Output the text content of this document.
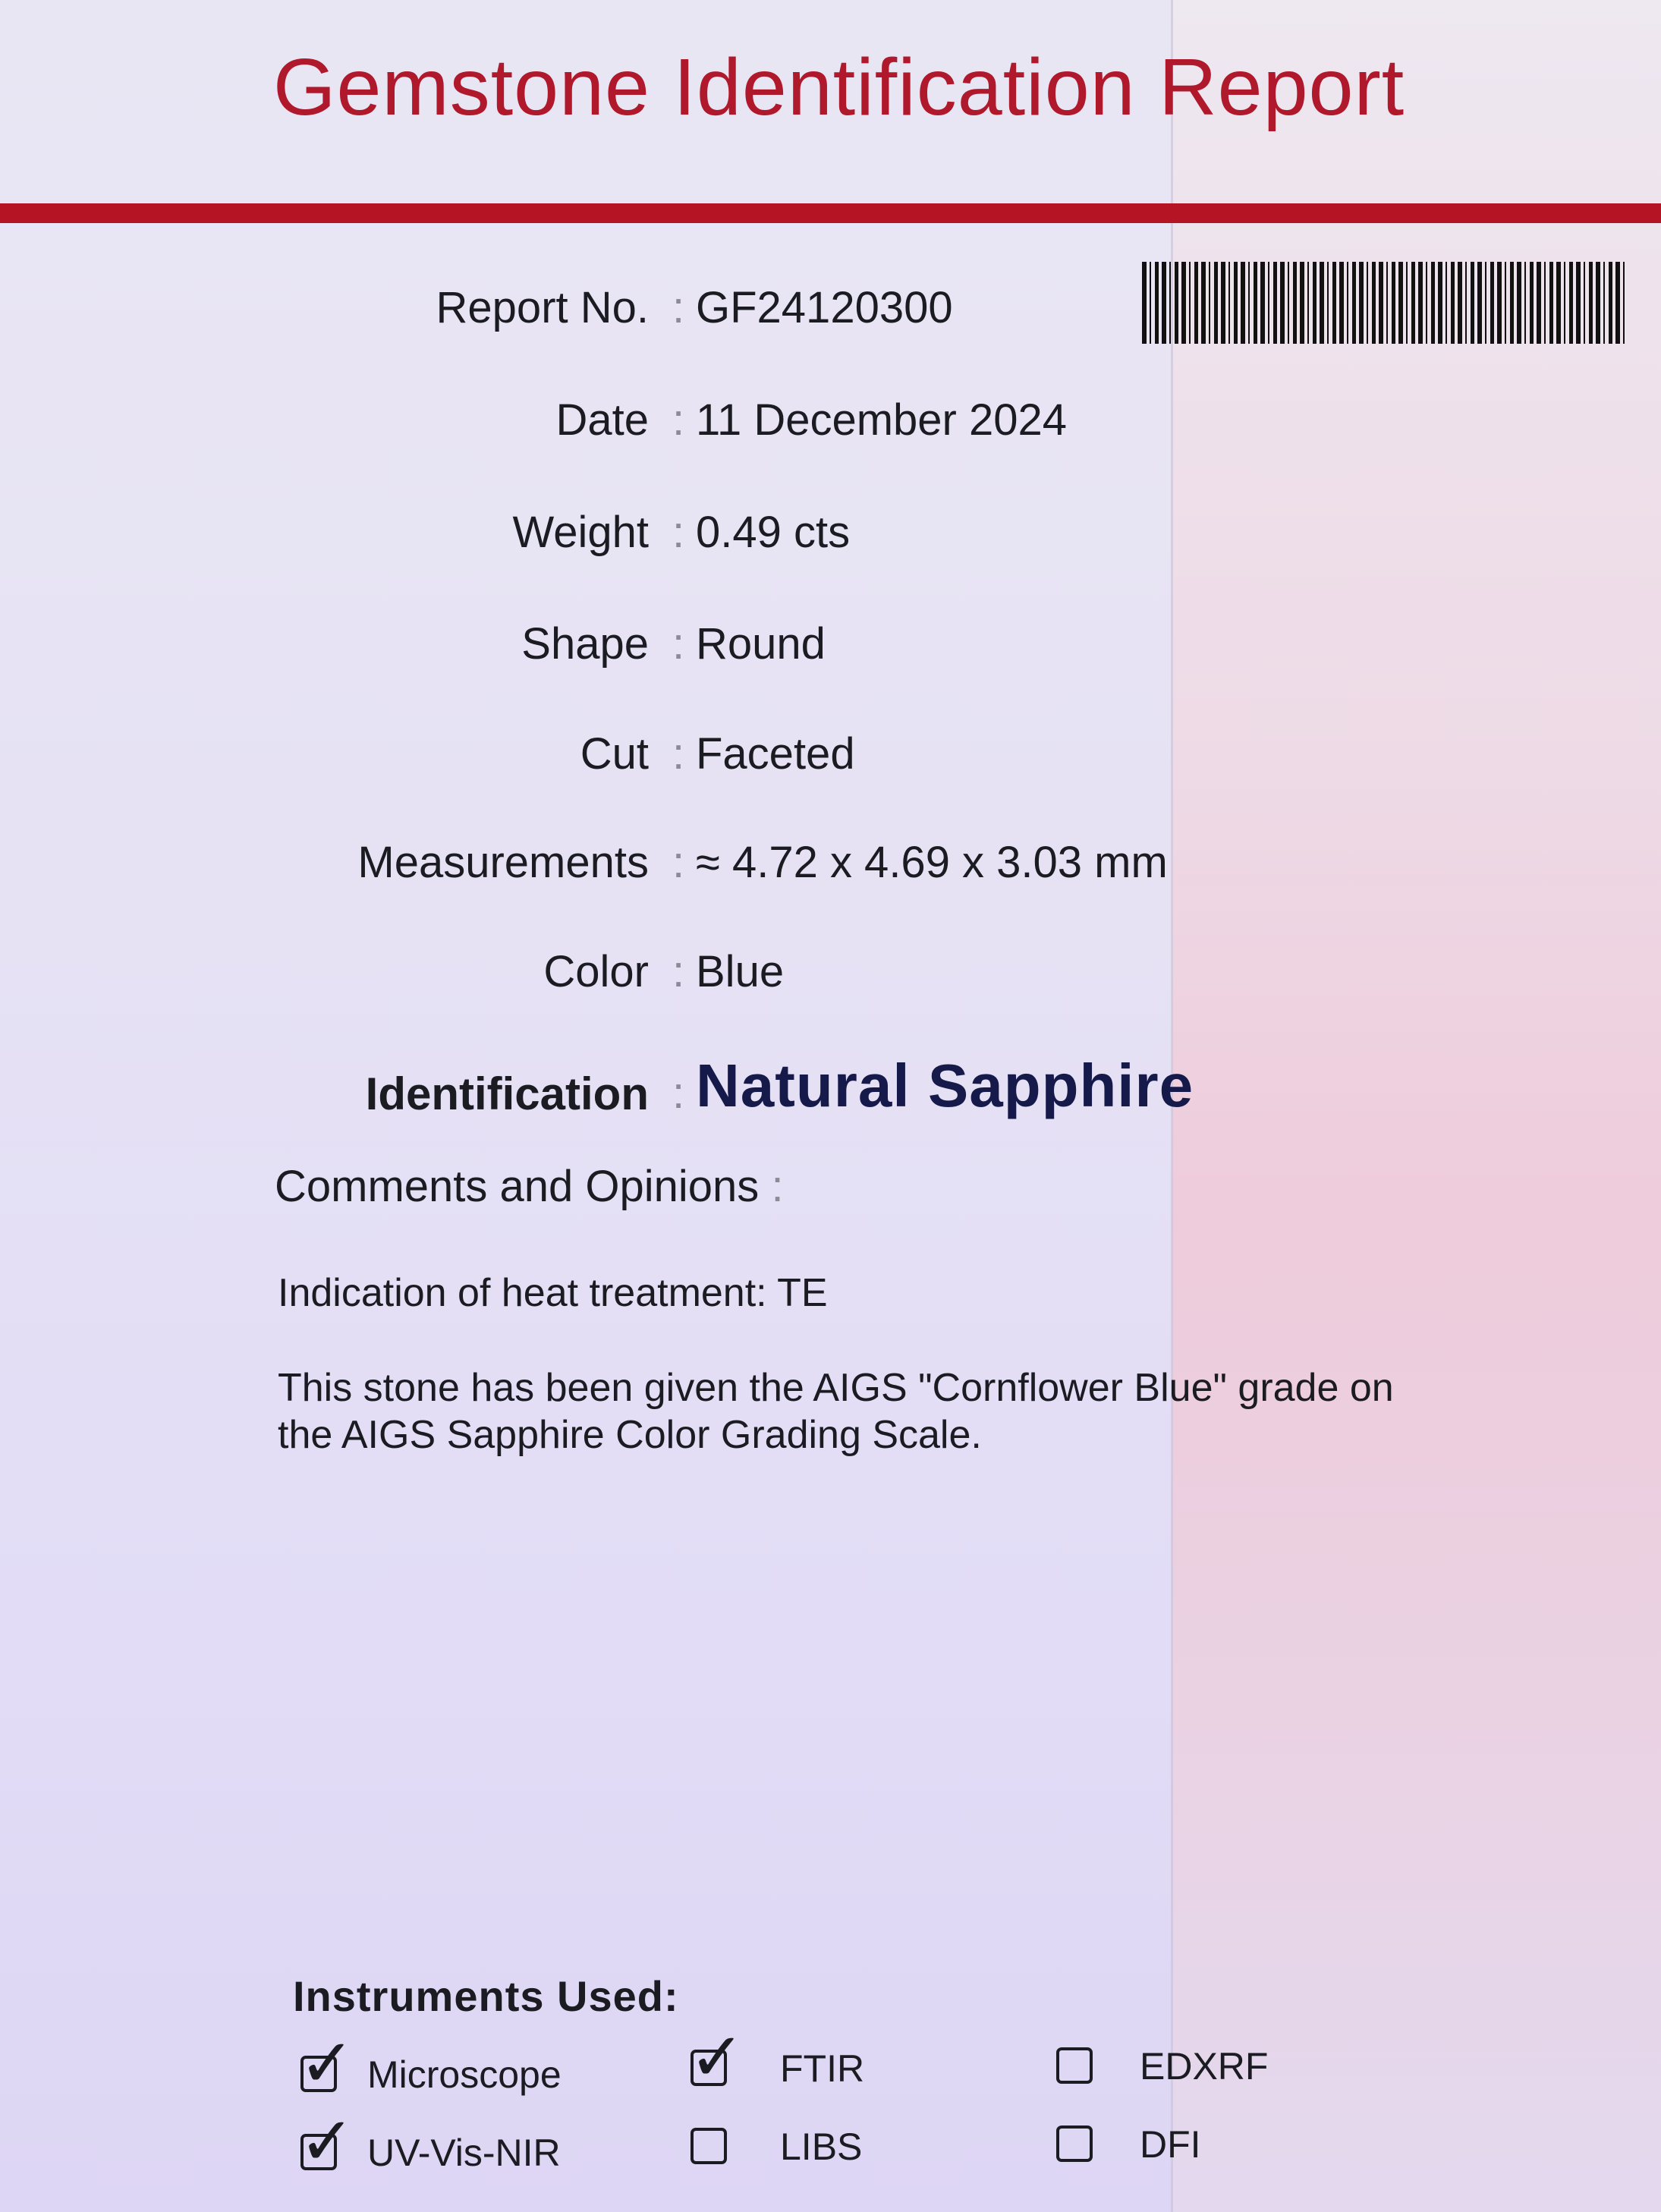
Gemstone Identification Report
Report No. : GF24120300
Date : 11 December 2024
Weight : 0.49 cts
Shape : Round
Cut : Faceted
Measurements : ≈ 4.72 x 4.69 x 3.03 mm
Color : Blue
Identification : Natural Sapphire
Comments and Opinions :
Indication of heat treatment: TE
This stone has been given the AIGS "Cornflower Blue" grade on
the AIGS Sapphire Color Grading Scale.
Instruments Used:
✓ Microscope ✓ FTIR	EDXRF
✓ UV-Vis-NIR	LIBS	DFI
